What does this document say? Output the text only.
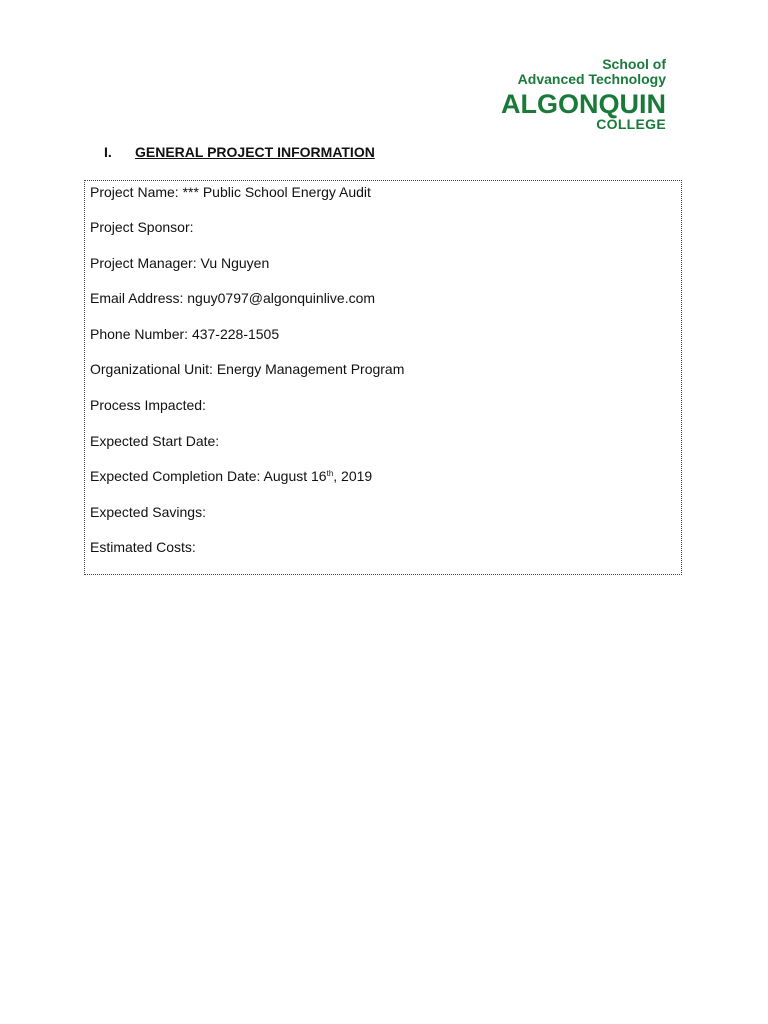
School of
Advanced Technology
ALGONQUIN
COLLEGE
I. GENERAL PROJECT INFORMATION
Project Name: *** Public School Energy Audit
Project Sponsor:
Project Manager: Vu Nguyen
Email Address: nguy0797@algonquinlive.com
Phone Number: 437-228-1505
Organizational Unit: Energy Management Program
Process Impacted:
Expected Start Date:
Expected Completion Date: August 16th, 2019
Expected Savings:
Estimated Costs:
